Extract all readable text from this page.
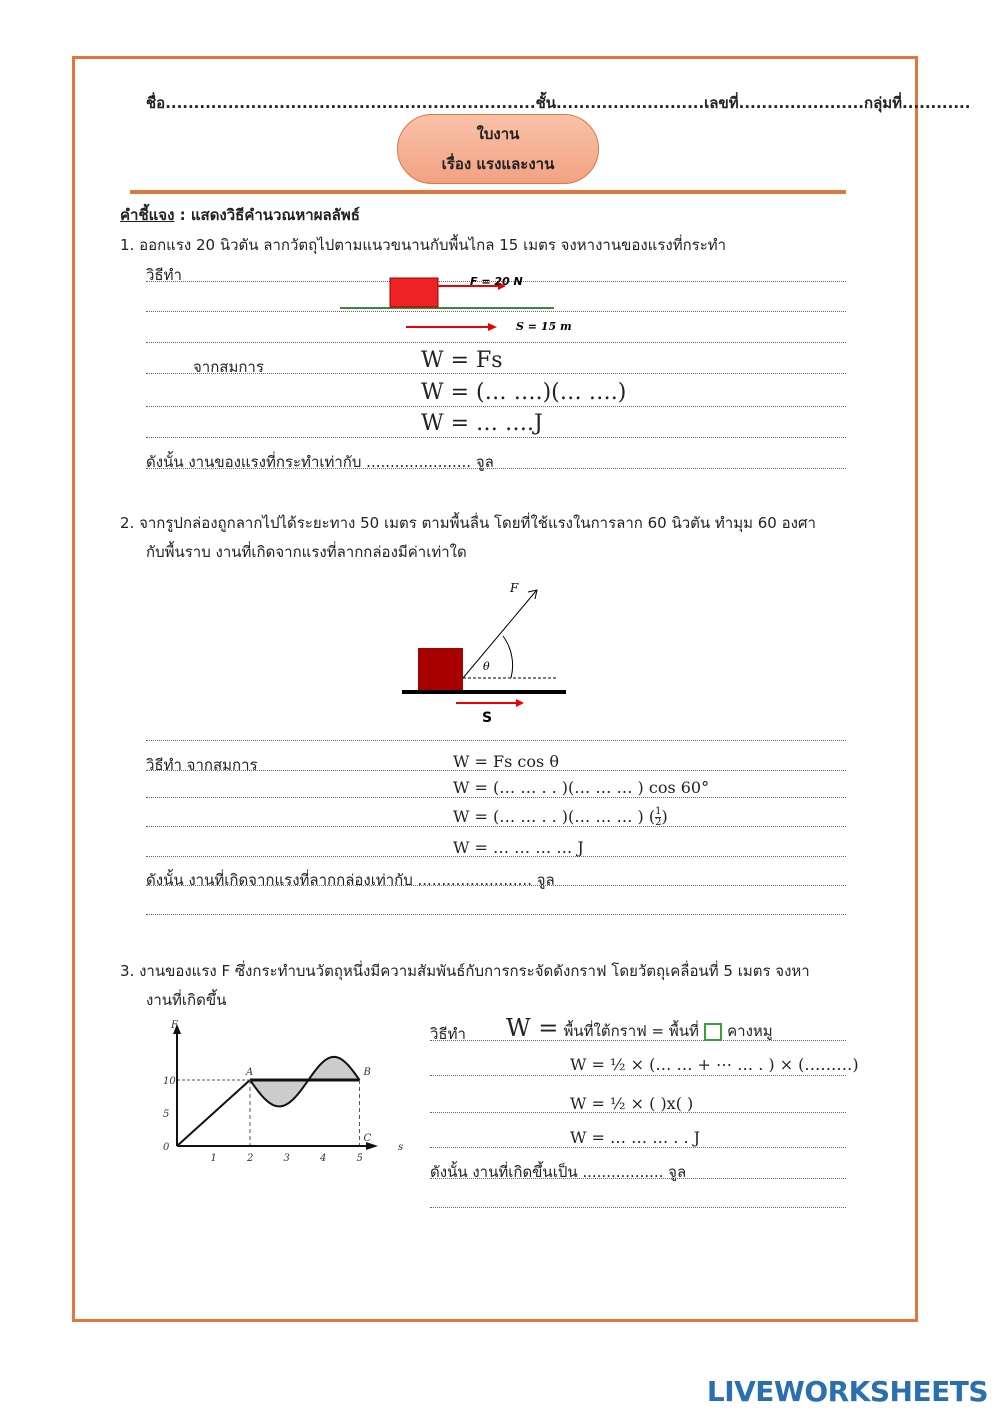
ชื่อ.................................................................ชั้น..........................เลขที่......................กลุ่มที่............
ใบงาน
เรื่อง แรงและงาน
คำชี้แจง : แสดงวิธีคำนวณหาผลลัพธ์
1. ออกแรง 20 นิวตัน ลากวัตถุไปตามแนวขนานกับพื้นไกล 15 เมตร จงหางานของแรงที่กระทำ
วิธีทำ	F = 20 N
S = 15 m
จากสมการ	W = Fs
W = (… ….)(… ….)
W = … ….J
ดังนั้น งานของแรงที่กระทำเท่ากับ ...................... จูล
2. จากรูปกล่องถูกลากไปได้ระยะทาง 50 เมตร ตามพื้นลื่น โดยที่ใช้แรงในการลาก 60 นิวตัน ทำมุม 60 องศา
กับพื้นราบ งานที่เกิดจากแรงที่ลากกล่องมีค่าเท่าใด
F
θ
S
วิธีทำ จากสมการ	W = Fs cos θ
W = (… … . . )(… … … ) cos 60°
W = (… … . . )(… … … ) ( $\frac{1}{2}$ )
W = … … … … J
ดังนั้น งานที่เกิดจากแรงที่ลากกล่องเท่ากับ ........................ จูล
3. งานของแรง F ซึ่งกระทำบนวัตถุหนึ่งมีความสัมพันธ์กับการกระจัดดังกราฟ โดยวัตถุเคลื่อนที่ 5 เมตร จงหา
งานที่เกิดขึ้น
1	2	3	4	5
0
5
10
F
s
A	B
C
วิธีทำ W = พื้นที่ใต้กราฟ = พื้นที่ คางหมู
W = ½ × (… … + ⋯ … . ) × (………)
W = ½ × ( )x( )
W = … … … . . J
ดังนั้น งานที่เกิดขึ้นเป็น ................. จูล
LIVEWORKSHEETS
